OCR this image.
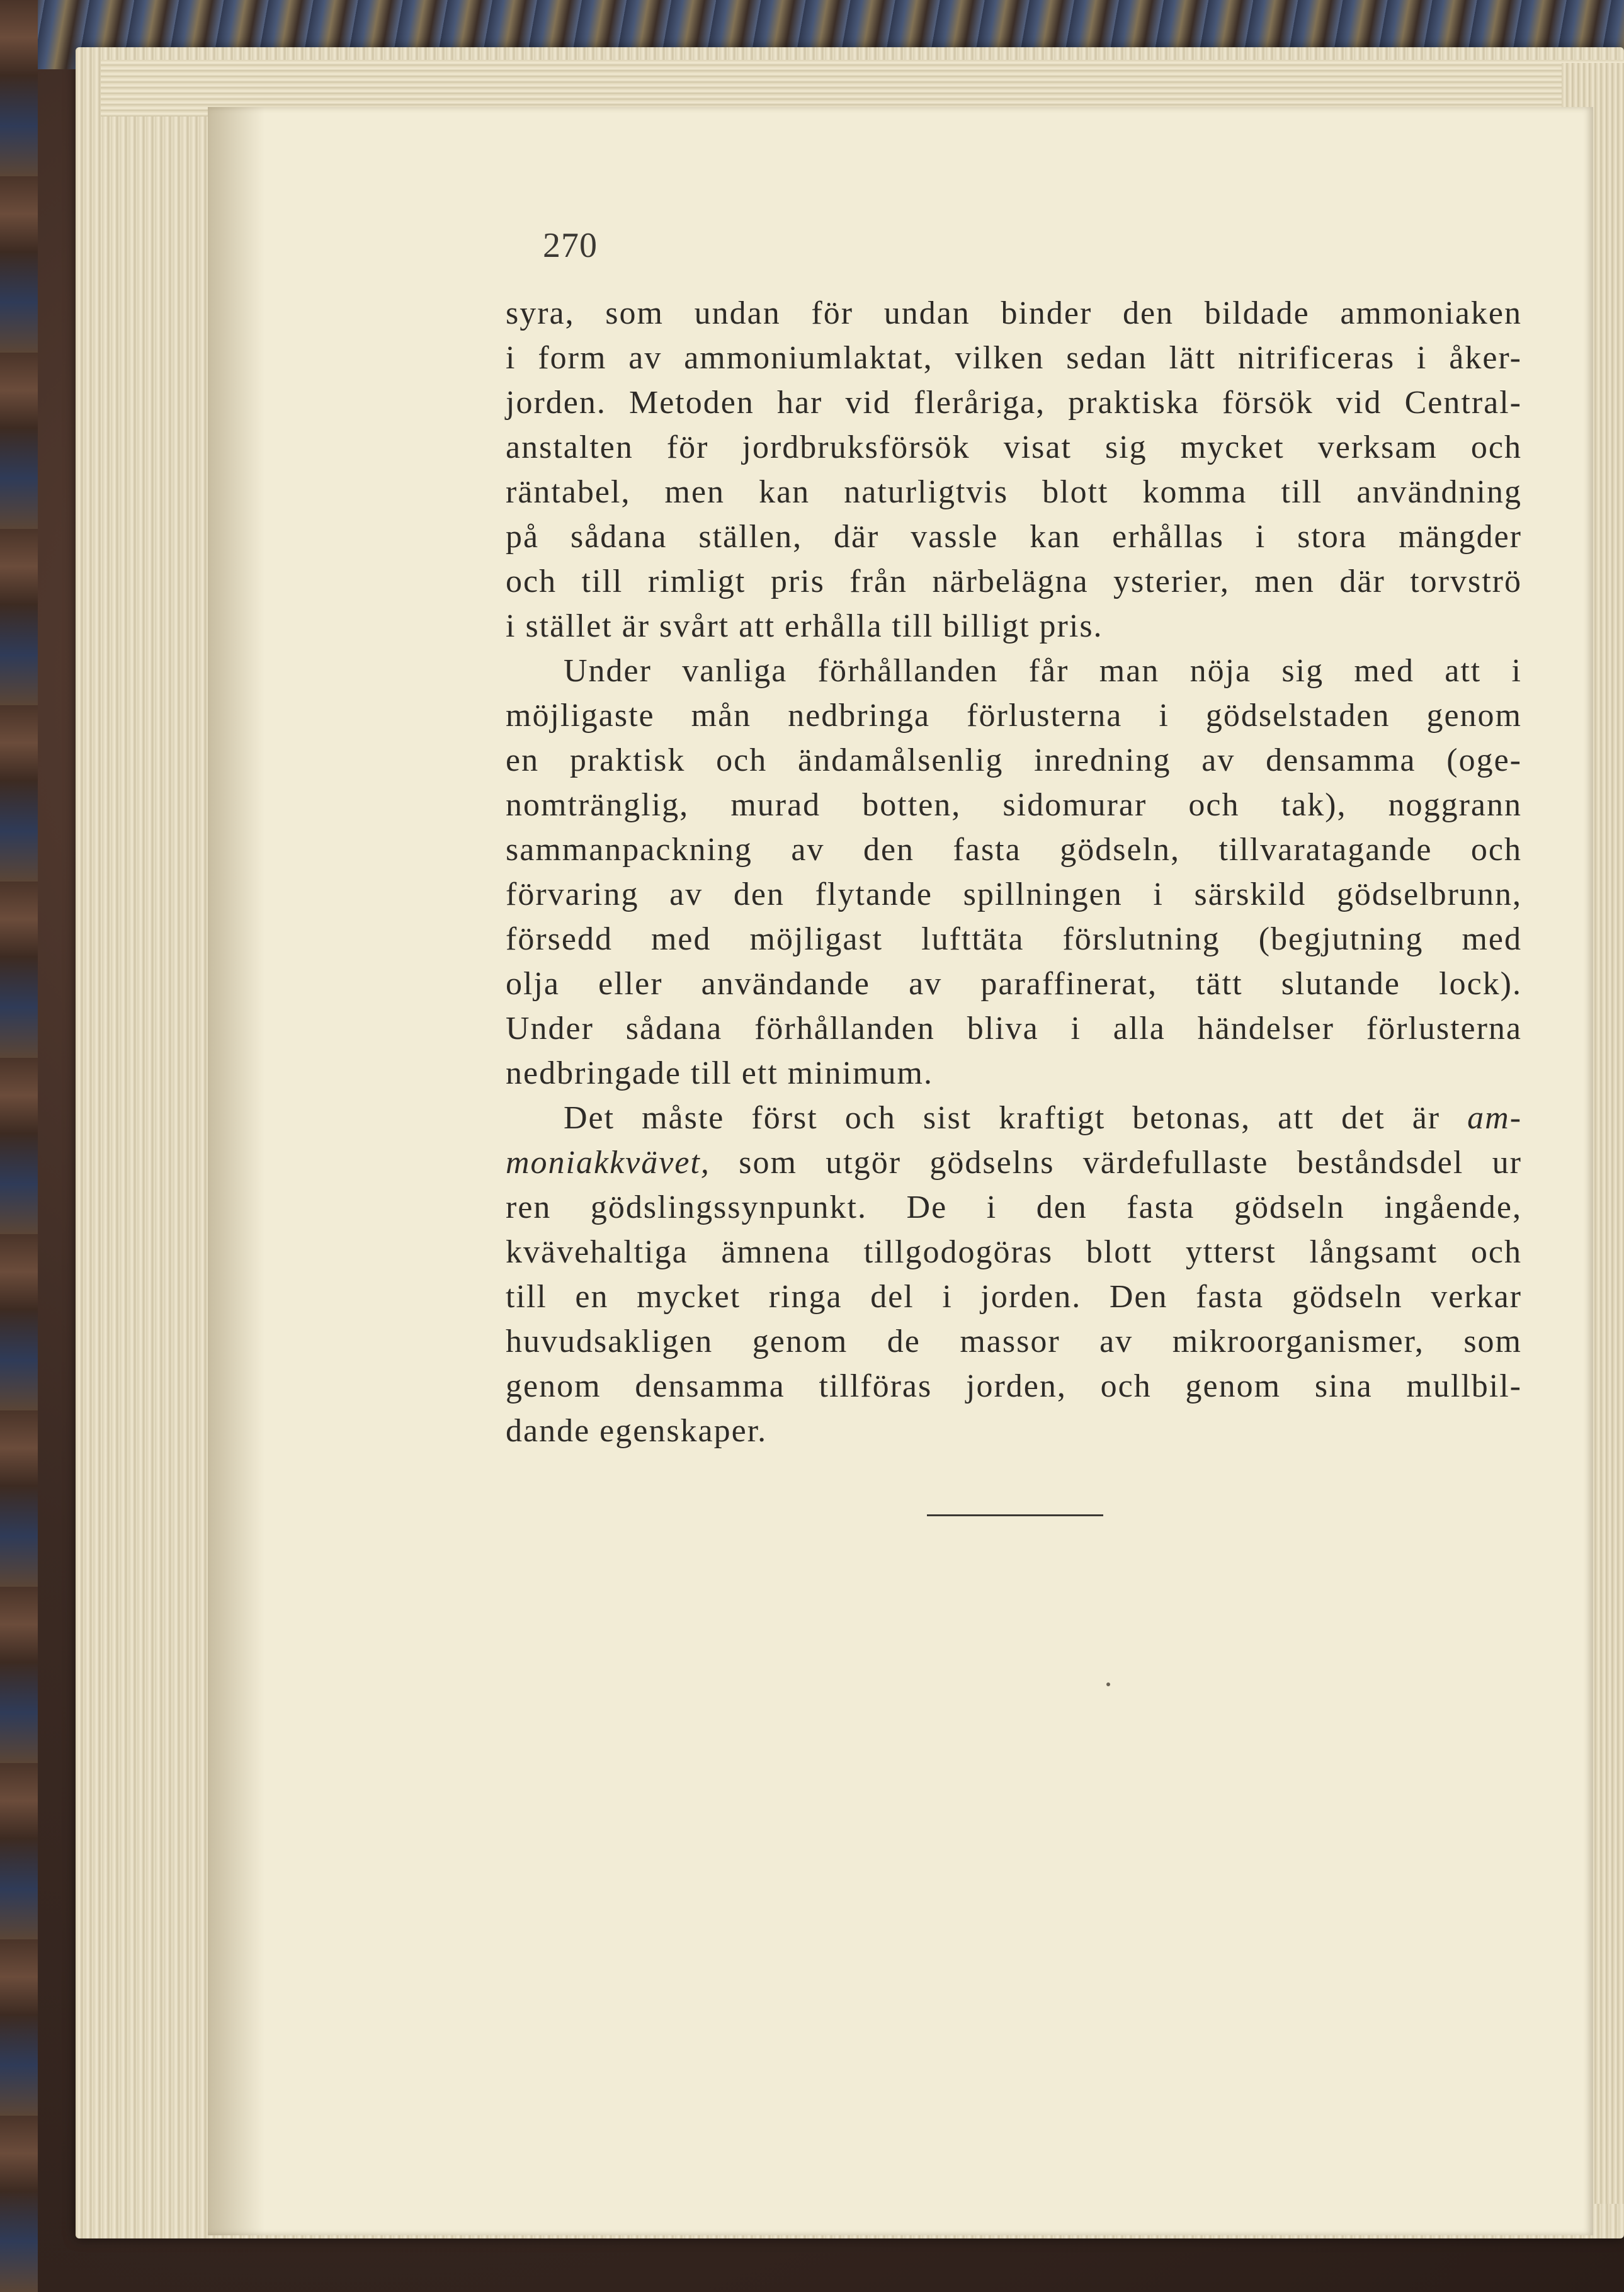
270

syra, som undan för undan binder den bildade ammoniaken
i form av ammoniumlaktat, vilken sedan lätt nitrificeras i åker-
jorden. Metoden har vid fleråriga, praktiska försök vid Central-
anstalten för jordbruksförsök visat sig mycket verksam och
räntabel, men kan naturligtvis blott komma till användning
på sådana ställen, där vassle kan erhållas i stora mängder
och till rimligt pris från närbelägna ysterier, men där torvströ
i stället är svårt att erhålla till billigt pris.

Under vanliga förhållanden får man nöja sig med att i
möjligaste mån nedbringa förlusterna i gödselstaden genom
en praktisk och ändamålsenlig inredning av densamma (oge-
nomtränglig, murad botten, sidomurar och tak), noggrann
sammanpackning av den fasta gödseln, tillvaratagande och
förvaring av den flytande spillningen i särskild gödselbrunn,
försedd med möjligast lufttäta förslutning (begjutning med
olja eller användande av paraffinerat, tätt slutande lock).
Under sådana förhållanden bliva i alla händelser förlusterna
nedbringade till ett minimum.

Det måste först och sist kraftigt betonas, att det är am-
moniakkvävet, som utgör gödselns värdefullaste beståndsdel ur
ren gödslingssynpunkt. De i den fasta gödseln ingående,
kvävehaltiga ämnena tillgodogöras blott ytterst långsamt och
till en mycket ringa del i jorden. Den fasta gödseln verkar
huvudsakligen genom de massor av mikroorganismer, som
genom densamma tillföras jorden, och genom sina mullbil-
dande egenskaper.
